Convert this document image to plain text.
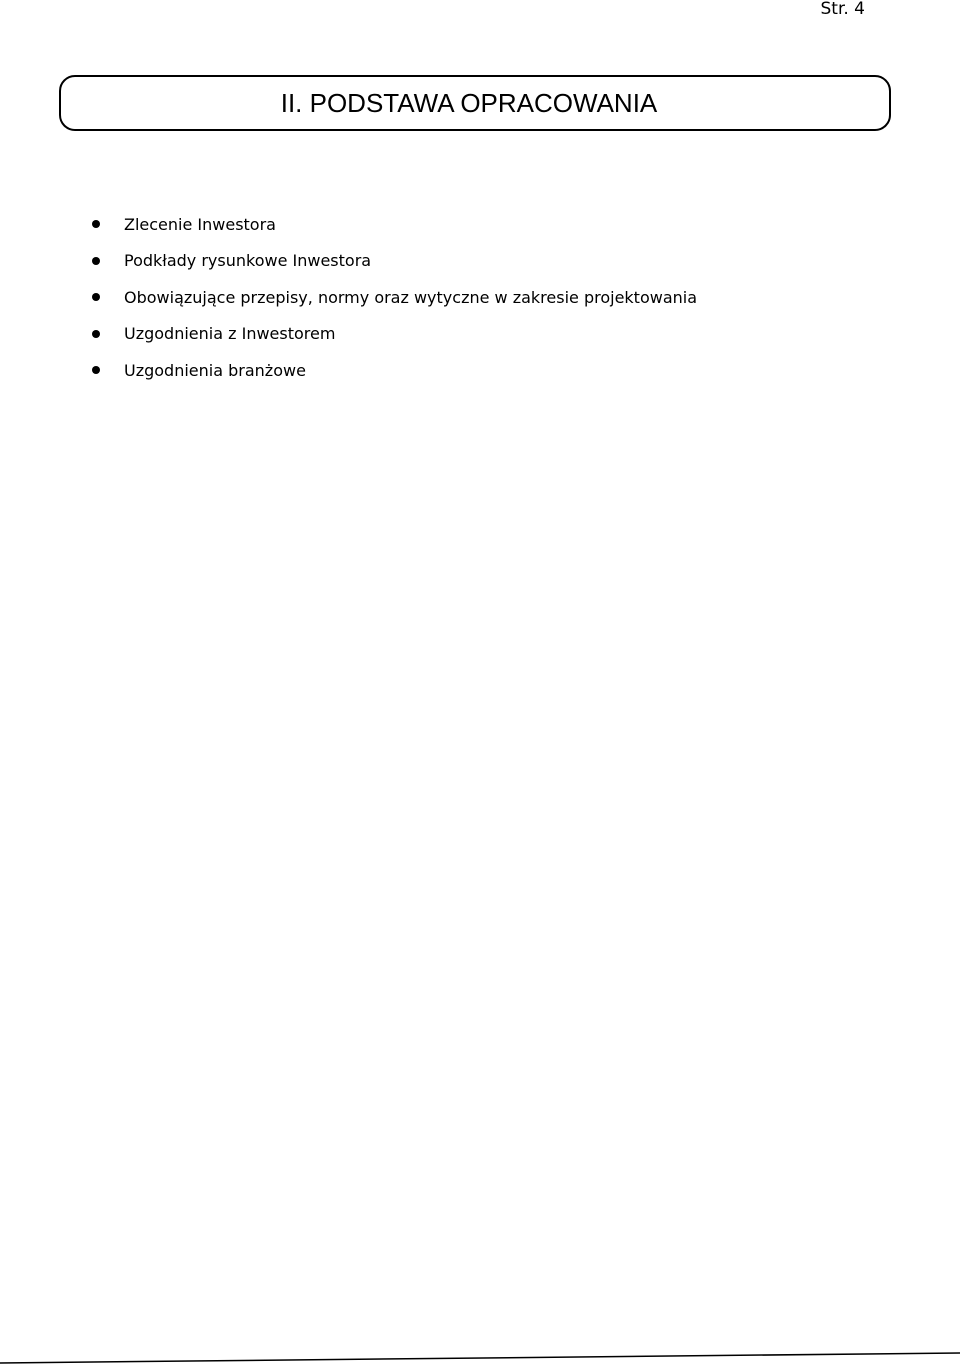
Str. 4
II. PODSTAWA OPRACOWANIA
Zlecenie Inwestora
Podkłady rysunkowe Inwestora
Obowiązujące przepisy, normy oraz wytyczne w zakresie projektowania
Uzgodnienia z Inwestorem
Uzgodnienia branżowe
